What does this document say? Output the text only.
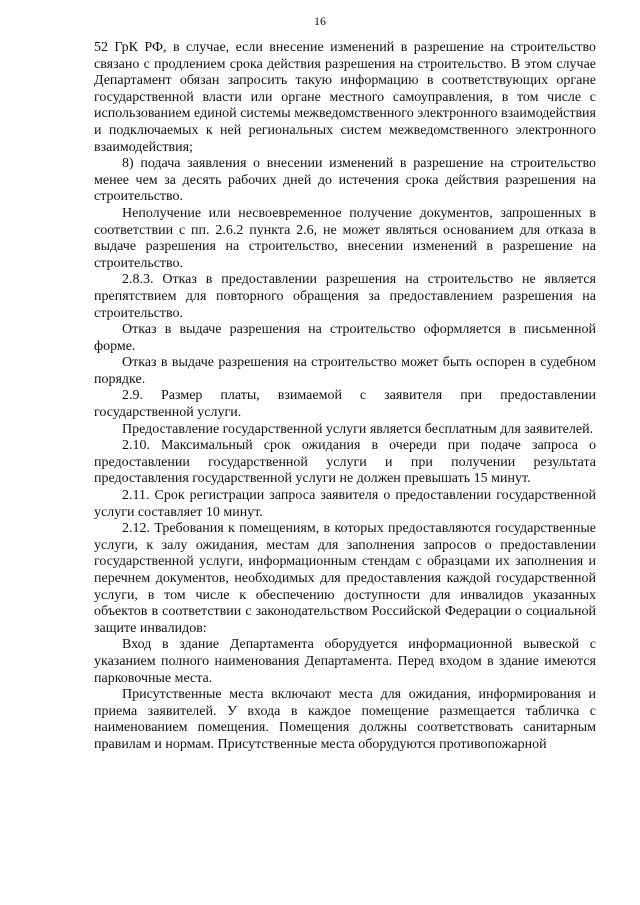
16

52 ГрК РФ, в случае, если внесение изменений в разрешение на строительство связано с продлением срока действия разрешения на строительство. В этом случае Департамент обязан запросить такую информацию в соответствующих органе государственной власти или органе местного самоуправления, в том числе с использованием единой системы межведомственного электронного взаимодействия и подключаемых к ней региональных систем межведомственного электронного взаимодействия;

8) подача заявления о внесении изменений в разрешение на строительство менее чем за десять рабочих дней до истечения срока действия разрешения на строительство.

Неполучение или несвоевременное получение документов, запрошенных в соответствии с пп. 2.6.2 пункта 2.6, не может являться основанием для отказа в выдаче разрешения на строительство, внесении изменений в разрешение на строительство.

2.8.3. Отказ в предоставлении разрешения на строительство не является препятствием для повторного обращения за предоставлением разрешения на строительство.

Отказ в выдаче разрешения на строительство оформляется в письменной форме.

Отказ в выдаче разрешения на строительство может быть оспорен в судебном порядке.

2.9. Размер платы, взимаемой с заявителя при предоставлении государственной услуги.

Предоставление государственной услуги является бесплатным для заявителей.

2.10. Максимальный срок ожидания в очереди при подаче запроса о предоставлении государственной услуги и при получении результата предоставления государственной услуги не должен превышать 15 минут.

2.11. Срок регистрации запроса заявителя о предоставлении государственной услуги составляет 10 минут.

2.12. Требования к помещениям, в которых предоставляются государственные услуги, к залу ожидания, местам для заполнения запросов о предоставлении государственной услуги, информационным стендам с образцами их заполнения и перечнем документов, необходимых для предоставления каждой государственной услуги, в том числе к обеспечению доступности для инвалидов указанных объектов в соответствии с законодательством Российской Федерации о социальной защите инвалидов:

Вход в здание Департамента оборудуется информационной вывеской с указанием полного наименования Департамента. Перед входом в здание имеются парковочные места.

Присутственные места включают места для ожидания, информирования и приема заявителей. У входа в каждое помещение размещается табличка с наименованием помещения. Помещения должны соответствовать санитарным правилам и нормам. Присутственные места оборудуются противопожарной
